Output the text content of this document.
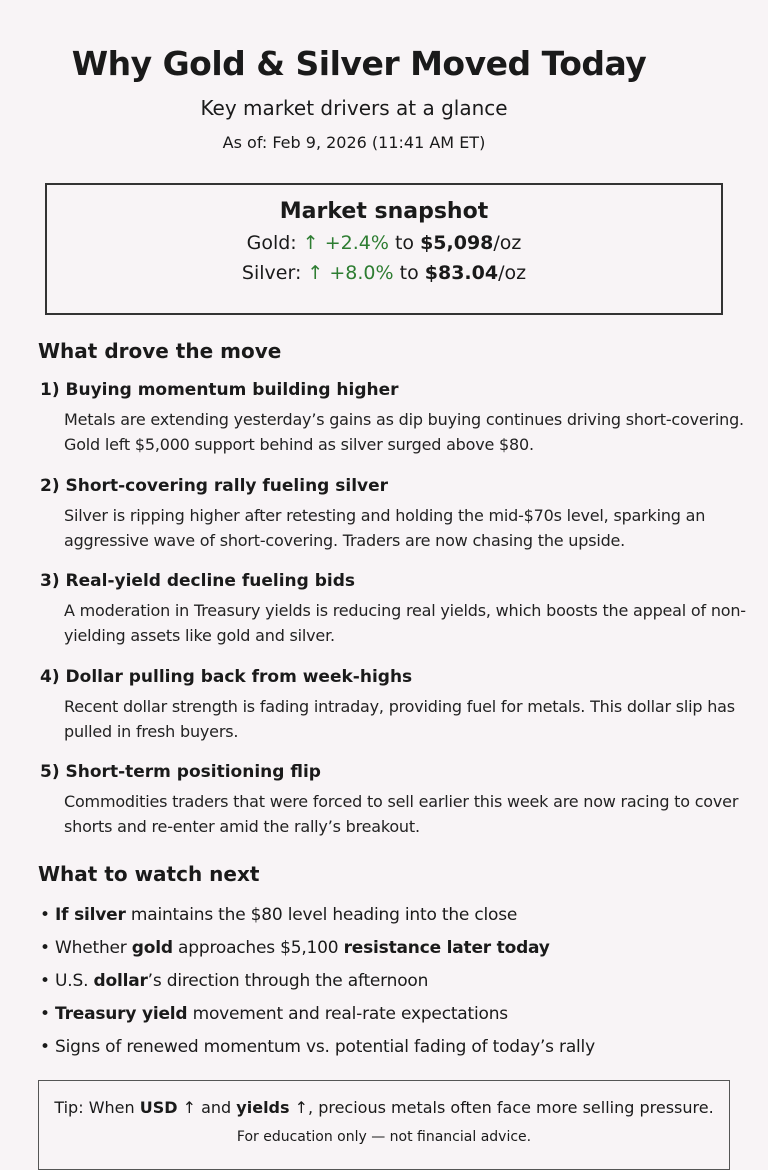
Why Gold & Silver Moved Today
Key market drivers at a glance
As of: Feb 9, 2026 (11:41 AM ET)
Market snapshot
Gold: ↑ +2.4% to $5,098/oz
Silver: ↑ +8.0% to $83.04/oz
What drove the move
1) Buying momentum building higher
Metals are extending yesterday’s gains as dip buying continues driving short-covering. Gold left $5,000 support behind as silver surged above $80.
2) Short-covering rally fueling silver
Silver is ripping higher after retesting and holding the mid-$70s level, sparking an aggressive wave of short-covering. Traders are now chasing the upside.
3) Real-yield decline fueling bids
A moderation in Treasury yields is reducing real yields, which boosts the appeal of non-yielding assets like gold and silver.
4) Dollar pulling back from week-highs
Recent dollar strength is fading intraday, providing fuel for metals. This dollar slip has pulled in fresh buyers.
5) Short-term positioning flip
Commodities traders that were forced to sell earlier this week are now racing to cover shorts and re-enter amid the rally’s breakout.
What to watch next
• If silver maintains the $80 level heading into the close
• Whether gold approaches $5,100 resistance later today
• U.S. dollar’s direction through the afternoon
• Treasury yield movement and real-rate expectations
• Signs of renewed momentum vs. potential fading of today’s rally
Tip: When USD ↑ and yields ↑, precious metals often face more selling pressure.
For education only — not financial advice.
